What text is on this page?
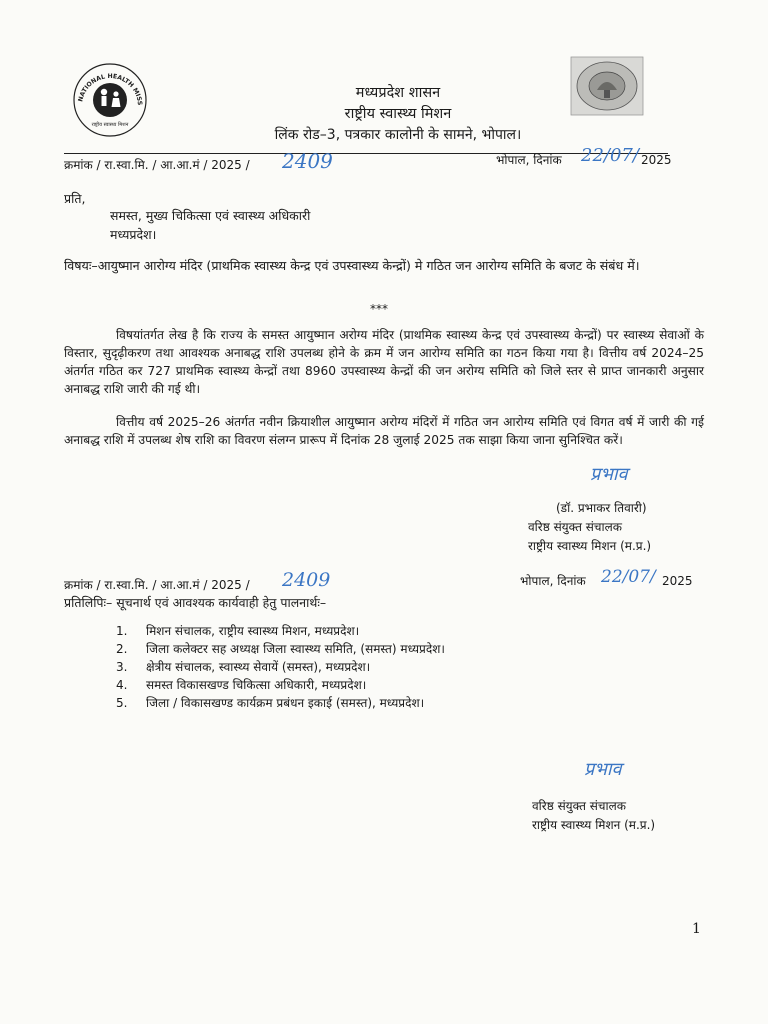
NATIONAL HEALTH MISS
राष्ट्रीय स्वास्थ्य मिशन
मध्यप्रदेश शासन
राष्ट्रीय स्वास्थ्य मिशन
लिंक रोड–3, पत्रकार कालोनी के सामने, भोपाल।
क्रमांक / रा.स्वा.मि. / आ.आ.मं / 2025 / 2409	भोपाल, दिनांक 22/07/ 2025
प्रति,
समस्त, मुख्य चिकित्सा एवं स्वास्थ्य अधिकारी
मध्यप्रदेश।
विषयः– आयुष्मान आरोग्य मंदिर (प्राथमिक स्वास्थ्य केन्द्र एवं उपस्वास्थ्य केन्द्रों) मे गठित जन आरोग्य समिति के बजट के संबंध में।
***
विषयांतर्गत लेख है कि राज्य के समस्त आयुष्मान अरोग्य मंदिर (प्राथमिक स्वास्थ्य केन्द्र एवं उपस्वास्थ्य केन्द्रों) पर स्वास्थ्य सेवाओं के विस्तार, सुदृढ़ीकरण तथा आवश्यक अनाबद्ध राशि उपलब्ध होने के क्रम में जन आरोग्य समिति का गठन किया गया है। वित्तीय वर्ष 2024–25 अंतर्गत गठित कर 727 प्राथमिक स्वास्थ्य केन्द्रों तथा 8960 उपस्वास्थ्य केन्द्रों की जन अरोग्य समिति को जिले स्तर से प्राप्त जानकारी अनुसार अनाबद्ध राशि जारी की गई थी।
वित्तीय वर्ष 2025–26 अंतर्गत नवीन क्रियाशील आयुष्मान अरोग्य मंदिरों में गठित जन आरोग्य समिति एवं विगत वर्ष में जारी की गई अनाबद्ध राशि में उपलब्ध शेष राशि का विवरण संलग्न प्रारूप में दिनांक 28 जुलाई 2025 तक साझा किया जाना सुनिश्चित करें।
प्रभाव
(डॉ. प्रभाकर तिवारी)
वरिष्ठ संयुक्त संचालक
राष्ट्रीय स्वास्थ्य मिशन (म.प्र.)
क्रमांक / रा.स्वा.मि. / आ.आ.मं / 2025 / 2409	भोपाल, दिनांक 22/07/ 2025
प्रतिलिपिः– सूचनार्थ एवं आवश्यक कार्यवाही हेतु पालनार्थः–
1.	मिशन संचालक, राष्ट्रीय स्वास्थ्य मिशन, मध्यप्रदेश।
2.	जिला कलेक्टर सह अध्यक्ष जिला स्वास्थ्य समिति, (समस्त) मध्यप्रदेश।
3.	क्षेत्रीय संचालक, स्वास्थ्य सेवायें (समस्त), मध्यप्रदेश।
4.	समस्त विकासखण्ड चिकित्सा अधिकारी, मध्यप्रदेश।
5.	जिला / विकासखण्ड कार्यक्रम प्रबंधन इकाई (समस्त), मध्यप्रदेश।
प्रभाव
वरिष्ठ संयुक्त संचालक
राष्ट्रीय स्वास्थ्य मिशन (म.प्र.)
1
